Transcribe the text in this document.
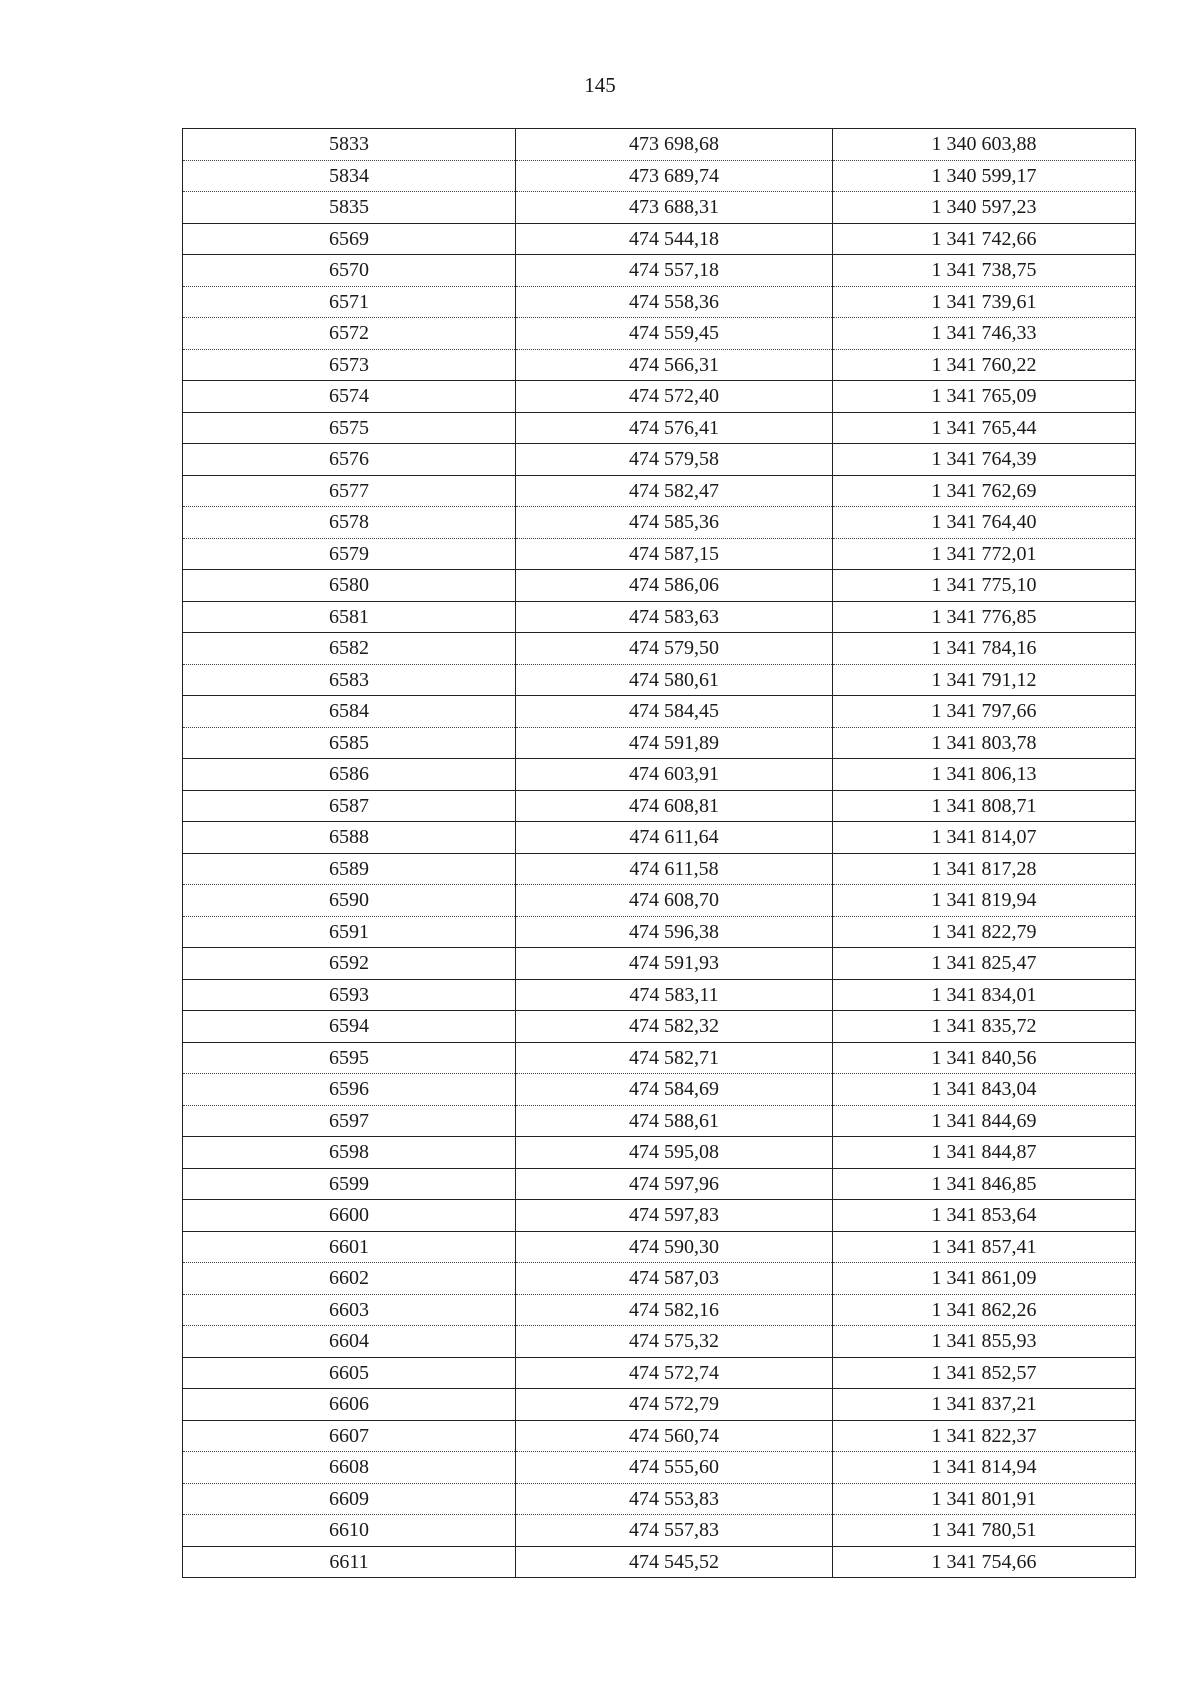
145
5833	473 698,68	1 340 603,88
5834	473 689,74	1 340 599,17
5835	473 688,31	1 340 597,23
6569	474 544,18	1 341 742,66
6570	474 557,18	1 341 738,75
6571	474 558,36	1 341 739,61
6572	474 559,45	1 341 746,33
6573	474 566,31	1 341 760,22
6574	474 572,40	1 341 765,09
6575	474 576,41	1 341 765,44
6576	474 579,58	1 341 764,39
6577	474 582,47	1 341 762,69
6578	474 585,36	1 341 764,40
6579	474 587,15	1 341 772,01
6580	474 586,06	1 341 775,10
6581	474 583,63	1 341 776,85
6582	474 579,50	1 341 784,16
6583	474 580,61	1 341 791,12
6584	474 584,45	1 341 797,66
6585	474 591,89	1 341 803,78
6586	474 603,91	1 341 806,13
6587	474 608,81	1 341 808,71
6588	474 611,64	1 341 814,07
6589	474 611,58	1 341 817,28
6590	474 608,70	1 341 819,94
6591	474 596,38	1 341 822,79
6592	474 591,93	1 341 825,47
6593	474 583,11	1 341 834,01
6594	474 582,32	1 341 835,72
6595	474 582,71	1 341 840,56
6596	474 584,69	1 341 843,04
6597	474 588,61	1 341 844,69
6598	474 595,08	1 341 844,87
6599	474 597,96	1 341 846,85
6600	474 597,83	1 341 853,64
6601	474 590,30	1 341 857,41
6602	474 587,03	1 341 861,09
6603	474 582,16	1 341 862,26
6604	474 575,32	1 341 855,93
6605	474 572,74	1 341 852,57
6606	474 572,79	1 341 837,21
6607	474 560,74	1 341 822,37
6608	474 555,60	1 341 814,94
6609	474 553,83	1 341 801,91
6610	474 557,83	1 341 780,51
6611	474 545,52	1 341 754,66
